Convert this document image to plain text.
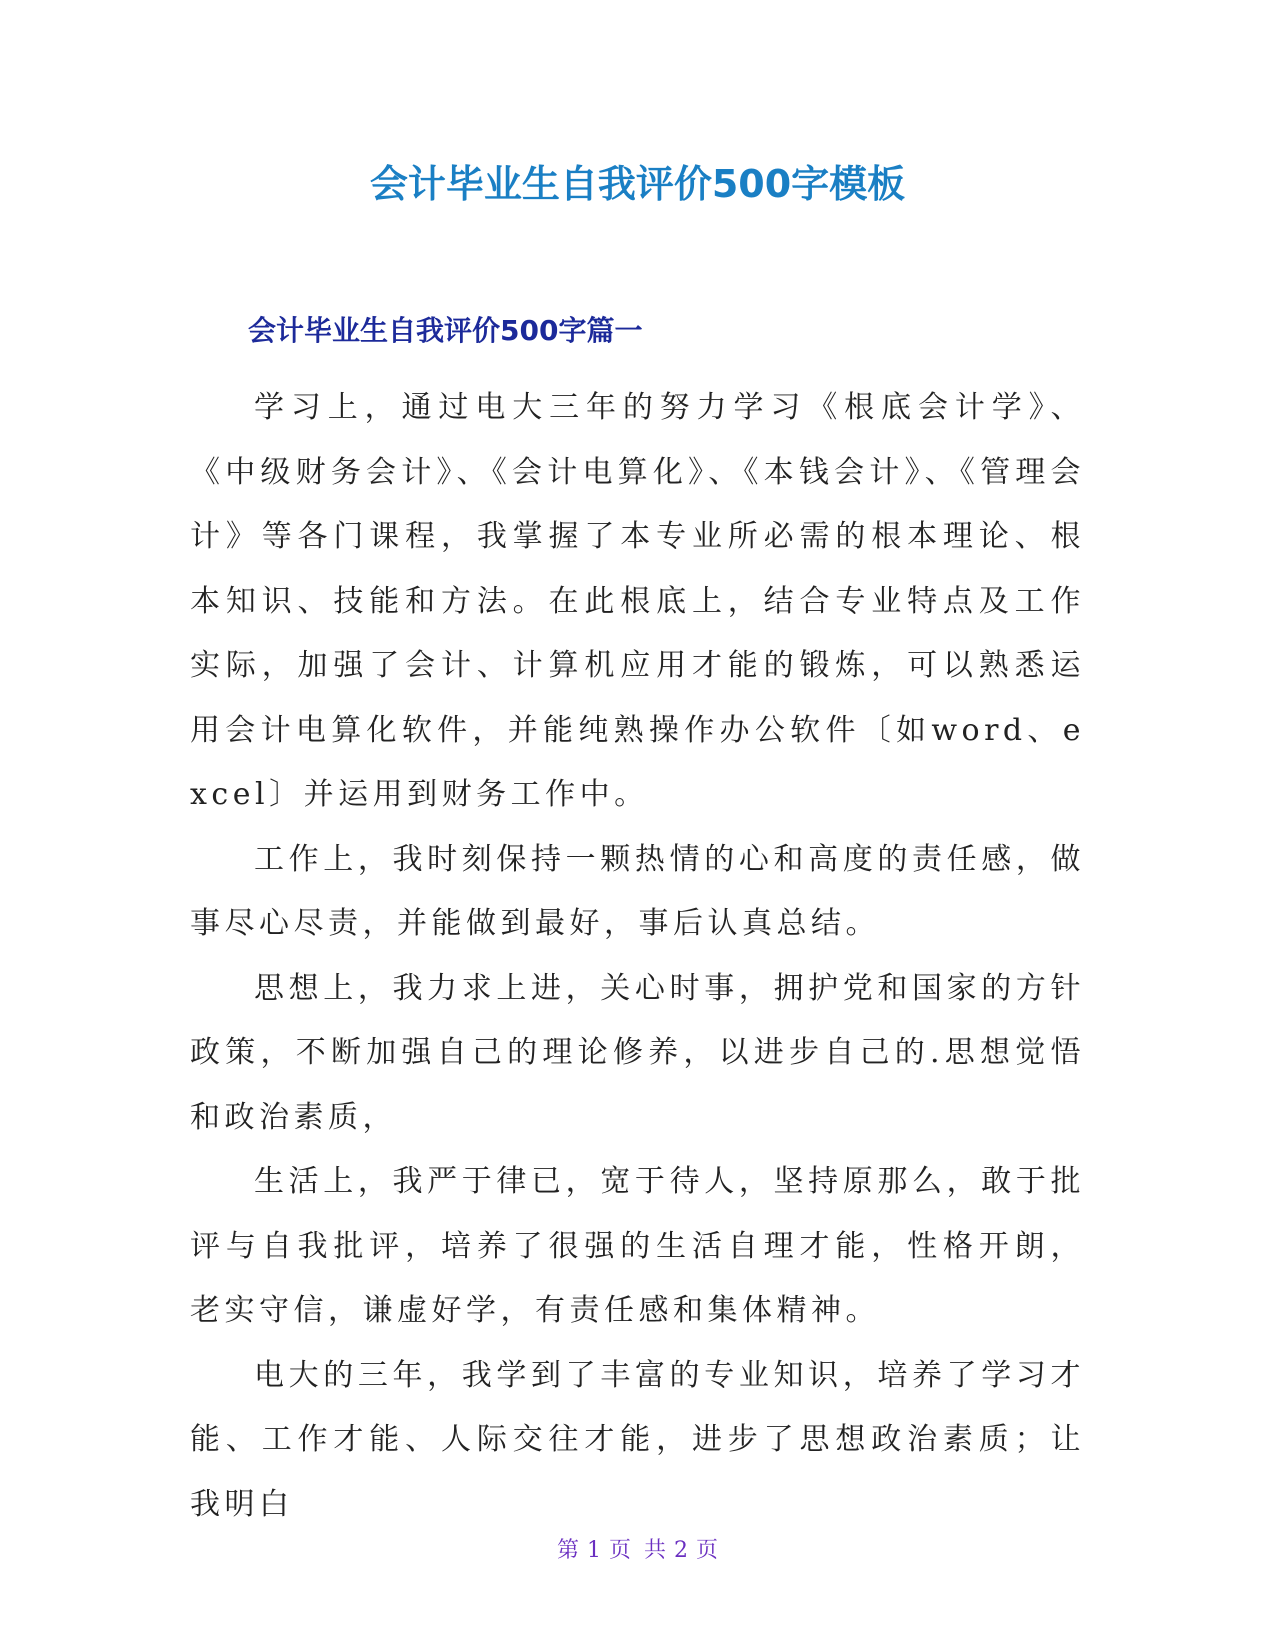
会计毕业生自我评价500字模板
会计毕业生自我评价500字篇一

学习上，通过电大三年的努力学习《根底会计学》、《中级财务会计》、《会计电算化》、《本钱会计》、《管理会计》等各门课程，我掌握了本专业所必需的根本理论、根本知识、技能和方法。在此根底上，结合专业特点及工作实际，加强了会计、计算机应用才能的锻炼，可以熟悉运用会计电算化软件，并能纯熟操作办公软件〔如word、excel〕并运用到财务工作中。

工作上，我时刻保持一颗热情的心和高度的责任感，做事尽心尽责，并能做到最好，事后认真总结。

思想上，我力求上进，关心时事，拥护党和国家的方针政策，不断加强自己的理论修养，以进步自己的.思想觉悟和政治素质，

生活上，我严于律已，宽于待人，坚持原那么，敢于批评与自我批评，培养了很强的生活自理才能，性格开朗，老实守信，谦虚好学，有责任感和集体精神。

电大的三年，我学到了丰富的专业知识，培养了学习才能、工作才能、人际交往才能，进步了思想政治素质；让我明白

第 1 页 共 2 页
